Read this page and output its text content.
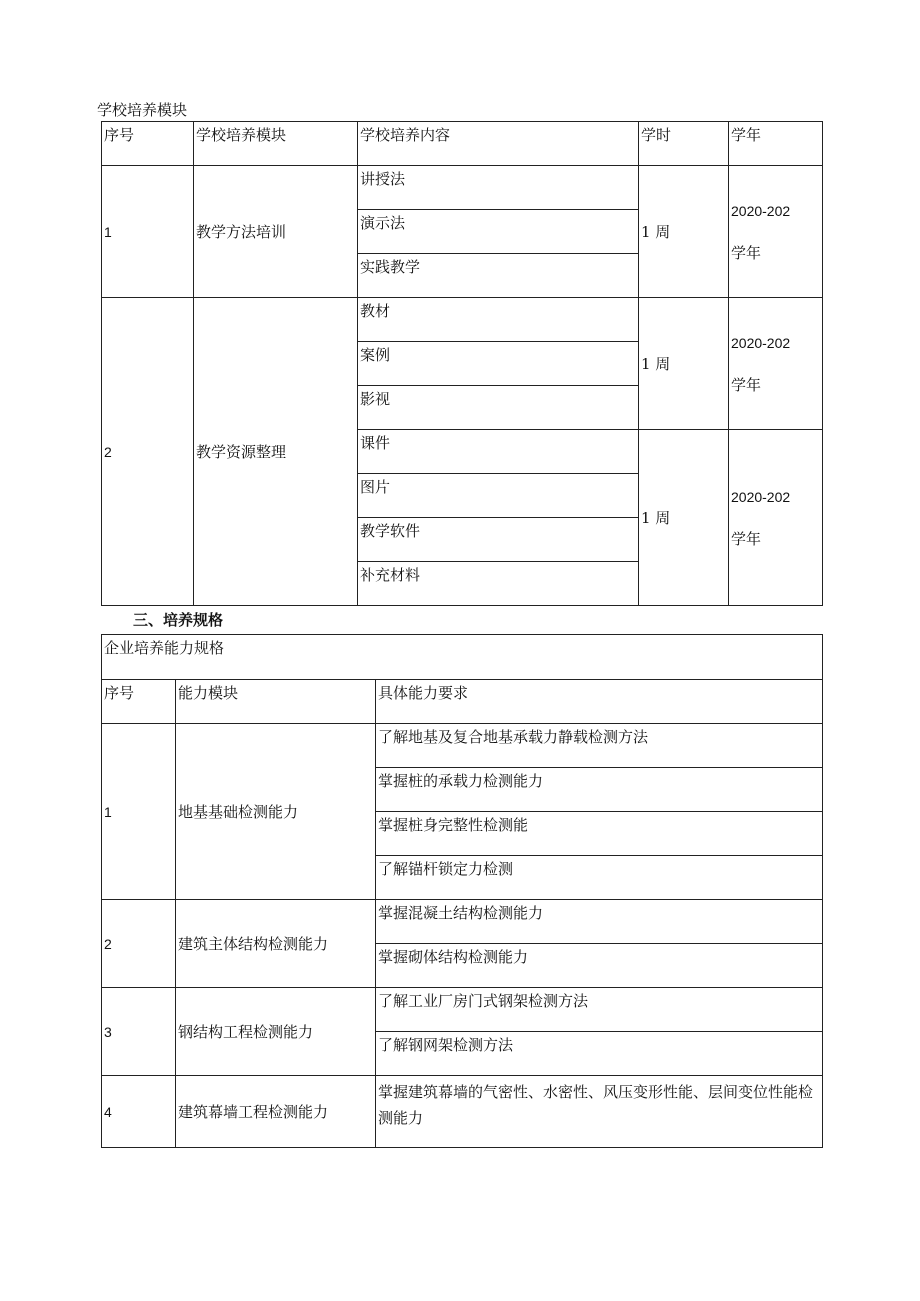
学校培养模块
序号	学校培养模块	学校培养内容	学时	学年
1	教学方法培训	讲授法	1 周	2020-202
学年

		演示法		
		实践教学		
2	教学资源整理	教材	1 周	2020-202
学年

		案例		
		影视		
		课件	1 周	2020-202
学年

		图片		
		教学软件		
		补充材料		
三、培养规格
企业培养能力规格		
序号	能力模块	具体能力要求
1	地基基础检测能力	了解地基及复合地基承载力静载检测方法
		掌握桩的承载力检测能力
		掌握桩身完整性检测能
		了解锚杆锁定力检测
2	建筑主体结构检测能力	掌握混凝土结构检测能力
		掌握砌体结构检测能力
3	钢结构工程检测能力	了解工业厂房门式钢架检测方法
		了解钢网架检测方法
4	建筑幕墙工程检测能力	掌握建筑幕墙的气密性、水密性、风压变形性能、层间变位性能检测能力
